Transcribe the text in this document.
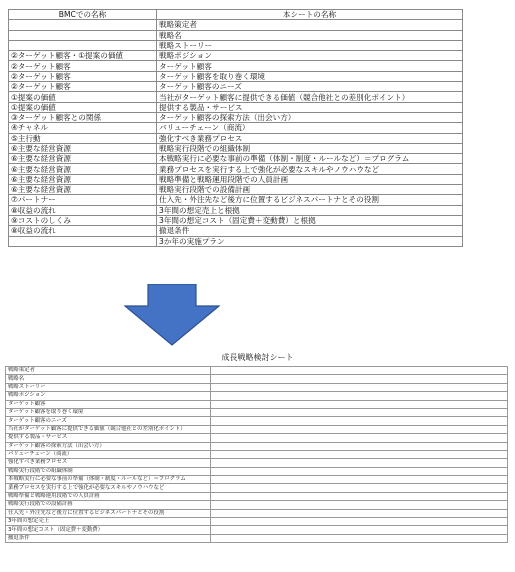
BMCでの名称	本シートの名称
	戦略策定者
	戦略名
	戦略ストーリー
②ターゲット顧客・①提案の価値	戦略ポジション
②ターゲット顧客	ターゲット顧客
②ターゲット顧客	ターゲット顧客を取り巻く環境
②ターゲット顧客	ターゲット顧客のニーズ
①提案の価値	当社がターゲット顧客に提供できる価値（競合他社との差別化ポイント）
①提案の価値	提供する製品・サービス
③ターゲット顧客との関係	ターゲット顧客の探索方法（出会い方）
④チャネル	バリューチェーン（商流）
⑤主行動	強化すべき業務プロセス
⑥主要な経営資源	戦略実行段階での組織体制
⑥主要な経営資源	本戦略実行に必要な事前の準備（体制・制度・ルールなど）＝プログラム
⑥主要な経営資源	業務プロセスを実行する上で強化が必要なスキルやノウハウなど
⑥主要な経営資源	戦略準備と戦略運用段階での人員計画
⑥主要な経営資源	戦略実行段階での設備計画
⑦パートナー	仕入先・外注先など後方に位置するビジネスパートナとその役割
⑧収益の流れ	3年間の想定売上と根拠
⑨コストのしくみ	3年間の想定コスト（固定費＋変動費）と根拠
⑧収益の流れ	撤退条件
	3か年の実施プラン
成長戦略検討シート
戦略策定者	
戦略名	
戦略ストーリー	
戦略ポジション	
ターゲット顧客	
ターゲット顧客を取り巻く環境	
ターゲット顧客のニーズ	
当社がターゲット顧客に提供できる価値（競合他社との差別化ポイント）	
提供する製品・サービス	
ターゲット顧客の探索方法（出会い方）	
バリューチェーン（商流）	
強化すべき業務プロセス	
戦略実行段階での組織体制	
本戦略実行に必要な事前の準備（体制・制度・ルールなど）＝プログラム	
業務プロセスを実行する上で強化が必要なスキルやノウハウなど	
戦略準備と戦略運用段階での人員計画	
戦略実行段階での設備計画	
仕入先・外注先など後方に位置するビジネスパートナとその役割	
3年間の想定売上	
3年間の想定コスト（固定費＋変動費）	
撤退条件	
